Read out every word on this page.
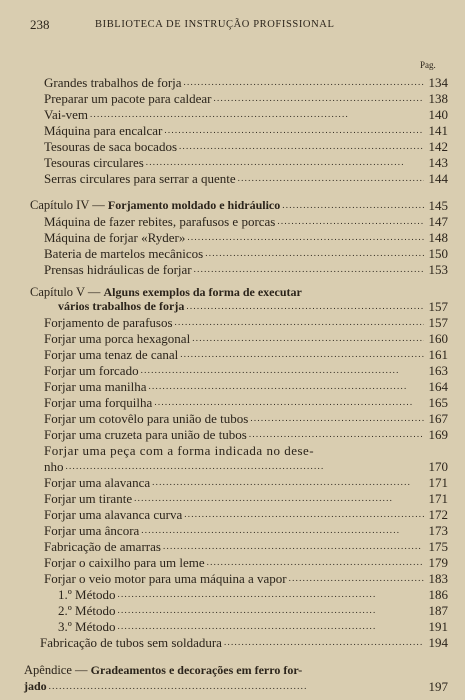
238	BIBLIOTECA DE INSTRUÇÃO PROFISSIONAL
Pag.
Grandes trabalhos de forja . . .	134
Preparar um pacote para caldear . . .	138
Vai-vem . . .	140
Máquina para encalcar . . .	141
Tesouras de saca bocados . . .	142
Tesouras circulares . . .	143
Serras circulares para serrar a quente . . .	144
Capítulo IV — Forjamento moldado e hidráulico . . .	145
Máquina de fazer rebites, parafusos e porcas . . .	147
Máquina de forjar «Ryder» . . .	148
Bateria de martelos mecânicos . . .	150
Prensas hidráulicas de forjar . . .	153
Capítulo V — Alguns exemplos da forma de executar
vários trabalhos de forja . . .	157
Forjamento de parafusos . . .	157
Forjar uma porca hexagonal . . .	160
Forjar uma tenaz de canal . . .	161
Forjar um forcado . . .	163
Forjar uma manilha . . .	164
Forjar uma forquilha . . .	165
Forjar um cotovêlo para união de tubos . . .	167
Forjar uma cruzeta para união de tubos . . .	169
Forjar uma peça com a forma indicada no dese-
nho . . .	170
Forjar uma alavanca . . .	171
Forjar um tirante . . .	171
Forjar uma alavanca curva . . .	172
Forjar uma âncora . . .	173
Fabricação de amarras . . .	175
Forjar o caixilho para um leme . . .	179
Forjar o veio motor para uma máquina a vapor . . .	183
1.º Método . . .	186
2.º Método . . .	187
3.º Método . . .	191
Fabricação de tubos sem soldadura . . .	194
Apêndice — Gradeamentos e decorações em ferro for-
jado . . .	197
